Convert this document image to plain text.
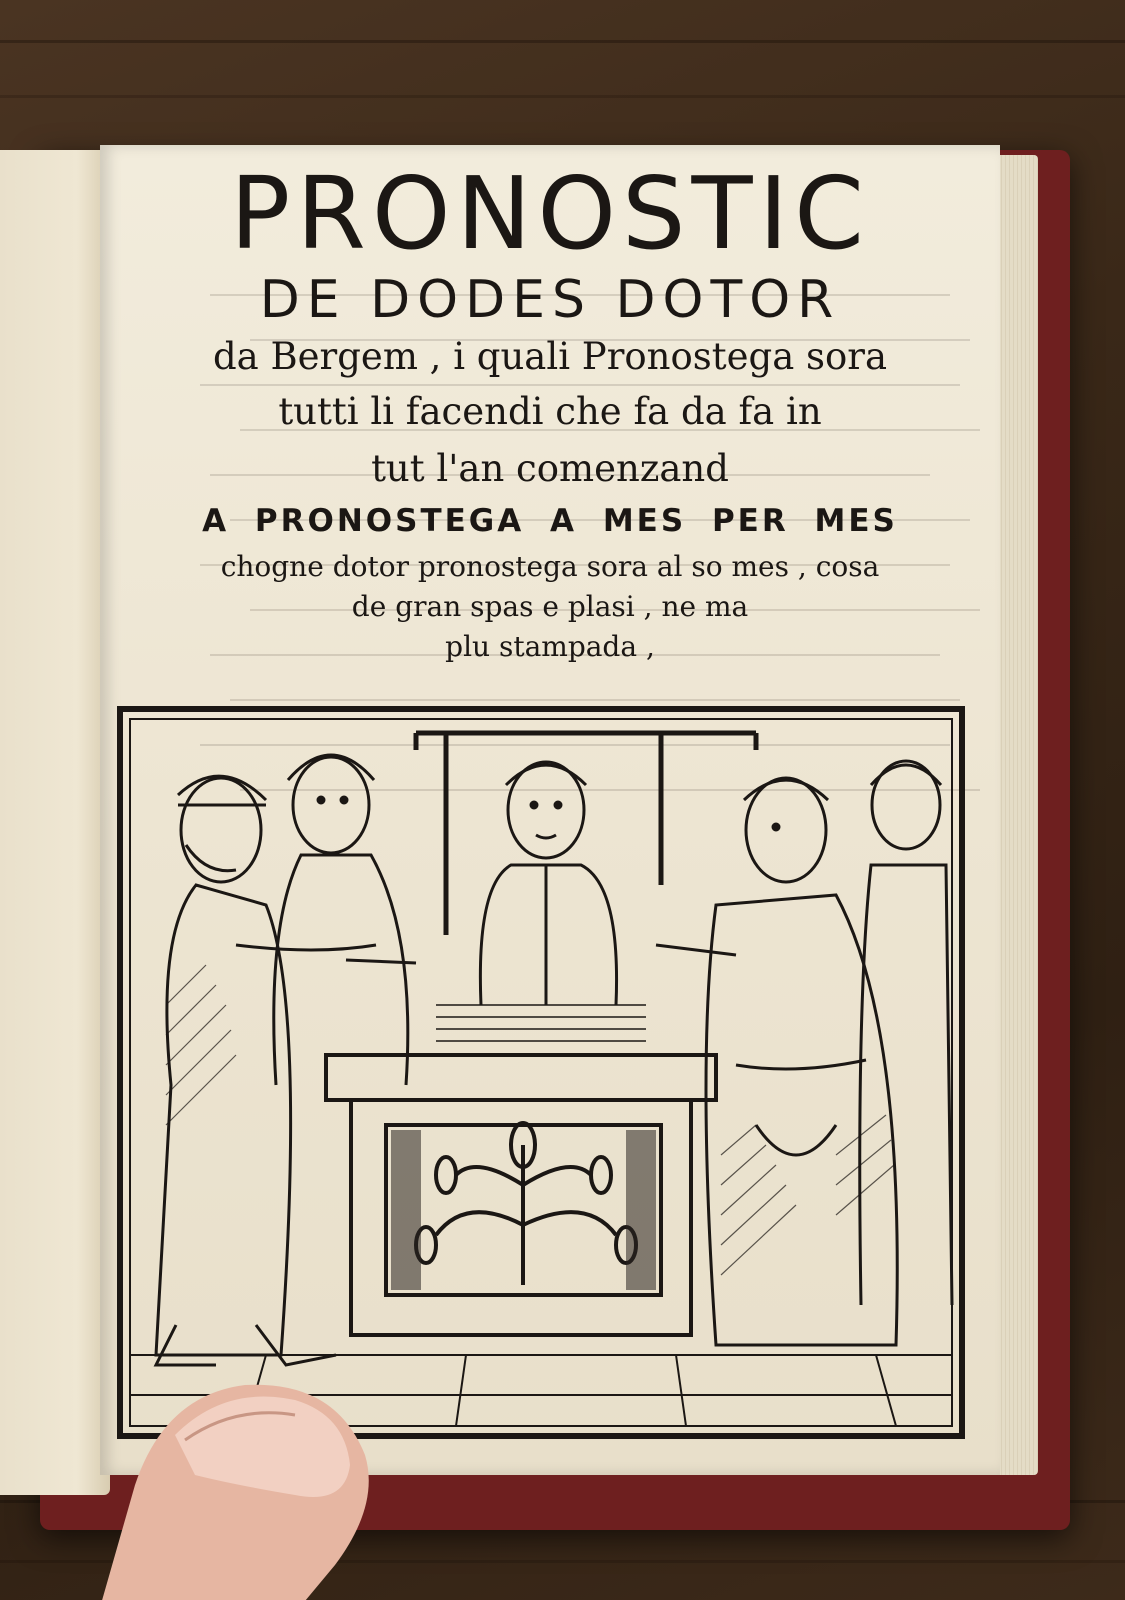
PRONOSTIC
DE DODES DOTOR
da Bergem , i quali Pronostega sora
tutti li facendi che fa da fa in
tut l'an comenzand
A PRONOSTEGA A MES PER MES
chogne dotor pronostega sora al so mes , cosa
de gran spas e plasi , ne ma
plu stampada ,
